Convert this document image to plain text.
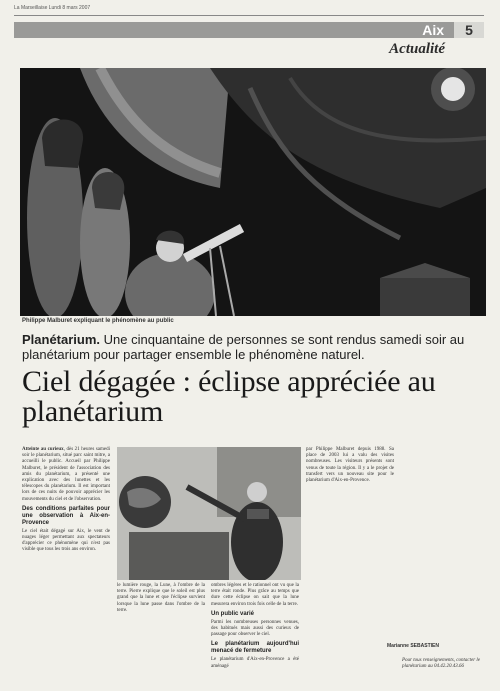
La Marseillaise Lundi 8 mars 2007
Aix	5
Actualité
Philippe Malburet expliquant le phénomène au public
Planétarium. Une cinquantaine de personnes se sont rendus samedi soir au planétarium pour partager ensemble le phénomène naturel.
Ciel dégagée : éclipse appréciée au planétarium
Atteinte au curieux, dès 21 heures samedi soir le planétarium, situé parc saint mitre, a accueilli le public. Accueil par Philippe Malburet, le président de l'association des amis du planétarium, a présenté une explication avec des lunettes et les télescopes du planétarium. Il est important lors de ces nuits de pouvoir apprécier les mouvements du ciel et de l'observation.
Des conditions parfaites pour une observation à Aix-en-Provence
Le ciel était dégagé sur Aix, le vent de nuages léger permettant aux spectateurs d'apprécier ce phénomène qui n'est pas visible que tous les trois ans environ.
le lumière rouge, la Lune, à l'ombre de la terre. Pierre explique que le soleil est plus grand que la lune et que l'éclipse survient lorsque la lune passe dans l'ombre de la terre.
ombres légères et le rationnel ont vu que la terre était ronde. Plus grâce au temps que dure cette éclipse on sait que la lune mesurera environ trois fois celle de la terre.
Un public varié
Parmi les nombreuses personnes venues, des habitués mais aussi des curieux de passage pour observer le ciel.
Le planétarium aujourd'hui menacé de fermeture
Le planétarium d'Aix-en-Provence a été aménagé
par Philippe Malburet depuis 1988. Sa place de 2003 lui a valu des visites nombreuses. Les visiteurs présents sont venus de toute la région. Il y a le projet de transfert vers un nouveau site pour le planétarium d'Aix-en-Provence.
Marianne SEBASTIEN
Pour tous renseignements, contacter le planétarium au 04.42.20.43.66
